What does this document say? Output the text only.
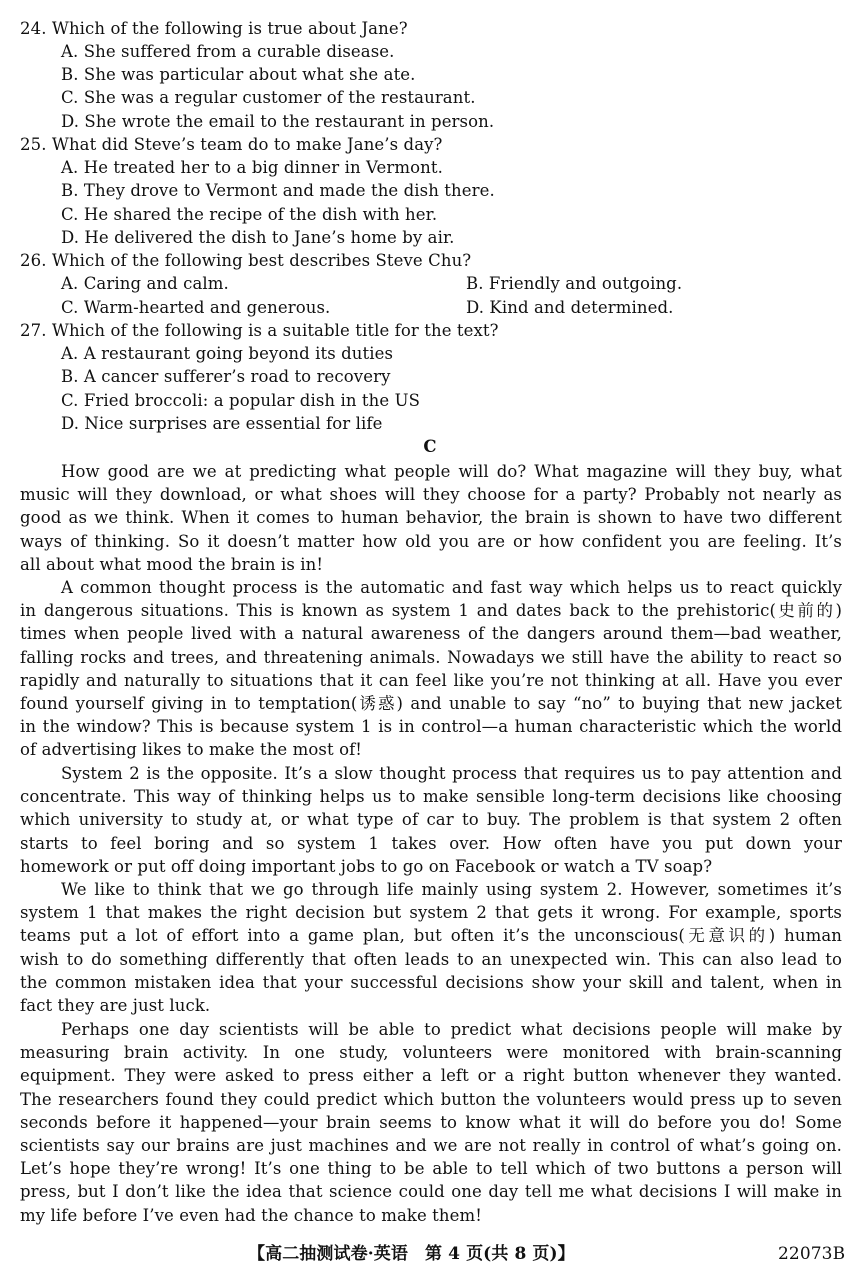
24. Which of the following is true about Jane?
A. She suffered from a curable disease.
B. She was particular about what she ate.
C. She was a regular customer of the restaurant.
D. She wrote the email to the restaurant in person.
25. What did Steve’s team do to make Jane’s day?
A. He treated her to a big dinner in Vermont.
B. They drove to Vermont and made the dish there.
C. He shared the recipe of the dish with her.
D. He delivered the dish to Jane’s home by air.
26. Which of the following best describes Steve Chu?
A. Caring and calm.	B. Friendly and outgoing.
C. Warm-hearted and generous.	D. Kind and determined.
27. Which of the following is a suitable title for the text?
A. A restaurant going beyond its duties
B. A cancer sufferer’s road to recovery
C. Fried broccoli: a popular dish in the US
D. Nice surprises are essential for life
C
How good are we at predicting what people will do? What magazine will they buy, what
music will they download, or what shoes will they choose for a party? Probably not nearly as
good as we think. When it comes to human behavior, the brain is shown to have two different
ways of thinking. So it doesn’t matter how old you are or how confident you are feeling. It’s
all about what mood the brain is in!
A common thought process is the automatic and fast way which helps us to react quickly
in dangerous situations. This is known as system 1 and dates back to the prehistoric(史前的)
times when people lived with a natural awareness of the dangers around them—bad weather,
falling rocks and trees, and threatening animals. Nowadays we still have the ability to react so
rapidly and naturally to situations that it can feel like you’re not thinking at all. Have you ever
found yourself giving in to temptation(诱惑) and unable to say “no” to buying that new jacket
in the window? This is because system 1 is in control—a human characteristic which the world
of advertising likes to make the most of!
System 2 is the opposite. It’s a slow thought process that requires us to pay attention and
concentrate. This way of thinking helps us to make sensible long-term decisions like choosing
which university to study at, or what type of car to buy. The problem is that system 2 often
starts to feel boring and so system 1 takes over. How often have you put down your
homework or put off doing important jobs to go on Facebook or watch a TV soap?
We like to think that we go through life mainly using system 2. However, sometimes it’s
system 1 that makes the right decision but system 2 that gets it wrong. For example, sports
teams put a lot of effort into a game plan, but often it’s the unconscious(无意识的) human
wish to do something differently that often leads to an unexpected win. This can also lead to
the common mistaken idea that your successful decisions show your skill and talent, when in
fact they are just luck.
Perhaps one day scientists will be able to predict what decisions people will make by
measuring brain activity. In one study, volunteers were monitored with brain-scanning
equipment. They were asked to press either a left or a right button whenever they wanted.
The researchers found they could predict which button the volunteers would press up to seven
seconds before it happened—your brain seems to know what it will do before you do! Some
scientists say our brains are just machines and we are not really in control of what’s going on.
Let’s hope they’re wrong! It’s one thing to be able to tell which of two buttons a person will
press, but I don’t like the idea that science could one day tell me what decisions I will make in
my life before I’ve even had the chance to make them!
【高二抽测试卷·英语　第 4 页(共 8 页)】	22073B
